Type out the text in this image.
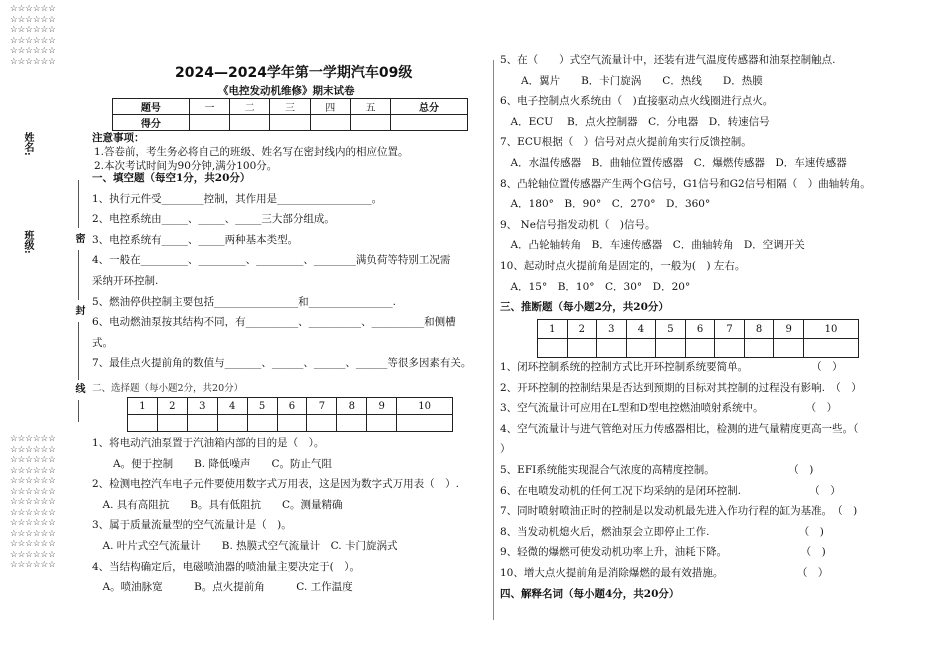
☆☆☆☆☆☆
☆☆☆☆☆☆
☆☆☆☆☆☆
☆☆☆☆☆☆
☆☆☆☆☆☆
☆☆☆☆☆☆
☆☆☆☆☆☆
☆☆☆☆☆☆
☆☆☆☆☆☆
☆☆☆☆☆☆
☆☆☆☆☆☆
☆☆☆☆☆☆
☆☆☆☆☆☆
☆☆☆☆☆☆
☆☆☆☆☆☆
☆☆☆☆☆☆
☆☆☆☆☆☆
☆☆☆☆☆☆
☆☆☆☆☆☆
姓名:
班级:	密
封
线
2024—2024学年第一学期汽车09级
《电控发动机维修》期末试卷
题号	一	二	三	四	五	总分
得分						
注意事项：
1.答卷前，考生务必将自己的班级、姓名写在密封线内的相应位置。
2.本次考试时间为90分钟,满分100分。
一、填空题（每空1分，共20分）
1、执行元件受________控制，其作用是__________________。
2、电控系统由_____、_____、_____三大部分组成。
3、电控系统有_____、_____两种基本类型。
4、一般在_________、_________、_________、________满负荷等特别工况需
采纳开环控制.
5、燃油停供控制主要包括________________和________________.
6、电动燃油泵按其结构不同，有__________、__________、__________和侧槽
式。
7、最佳点火提前角的数值与_______、______、______、______等很多因素有关。
二、选择题（每小题2分，共20分）
1	2	3	4	5	6	7	8	9	10

1、将电动汽油泵置于汽油箱内部的目的是（　）。
　　A。便于控制　　B. 降低噪声　　C。防止气阻
2、检测电控汽车电子元件要使用数字式万用表，这是因为数字式万用表（　）.
　A. 具有高阻抗　　B。具有低阻抗　　C。测量精确
3、属于质量流量型的空气流量计是（　)。
　A. 叶片式空气流量计　　B. 热膜式空气流量计　C. 卡门旋涡式
4、当结构确定后，电磁喷油器的喷油量主要决定于(　）。
　A。喷油脉宽　　　B。点火提前角　　　C. 工作温度
5、在（　　）式空气流量计中，还装有进气温度传感器和油泵控制触点.
　　A．翼片　　B．卡门旋涡　　C．热线　　D．热膜
6、电子控制点火系统由（　)直接驱动点火线圈进行点火。
　A．ECU　 B．点火控制器　C．分电器　D．转速信号
7、ECU根据（　）信号对点火提前角实行反馈控制。
　A．水温传感器　B．曲轴位置传感器　C．爆燃传感器　D．车速传感器
8、凸轮轴位置传感器产生两个G信号，G1信号和G2信号相隔（　）曲轴转角。
　A．180°　B．90°　C．270°　D．360°
9、 Ne信号指发动机（　)信号。
　A．凸轮轴转角　B．车速传感器　C．曲轴转角　D．空调开关
10、起动时点火提前角是固定的，一般为(　) 左右。
　A．15°　B．10°　C．30°　D．20°
三、推断题（每小题2分，共20分）
1	2	3	4	5	6	7	8	9	10

1、闭环控制系统的控制方式比开环控制系统要简单。　　　　　　　（　）
2、开环控制的控制结果是否达到预期的目标对其控制的过程没有影响.　（　）
3、空气流量计可应用在L型和D型电控燃油喷射系统中。　　　　　（　）
4、空气流量计与进气管绝对压力传感器相比，检测的进气量精度更高一些。（
）
5、EFI系统能实现混合气浓度的高精度控制。　　　　　　　　（　)
6、在电喷发动机的任何工况下均采纳的是闭环控制.　　　　　　　（　）
7、同时喷射喷油正时的控制是以发动机最先进入作功行程的缸为基准。　（　)
8、当发动机熄火后，燃油泵会立即停止工作.　　　　　　　　　（　)
9、轻微的爆燃可使发动机功率上升，油耗下降。　　　　　　　　（　)
10、增大点火提前角是消除爆燃的最有效措施。　　　　　　　　（　）
四、解释名词（每小题4分，共20分）
